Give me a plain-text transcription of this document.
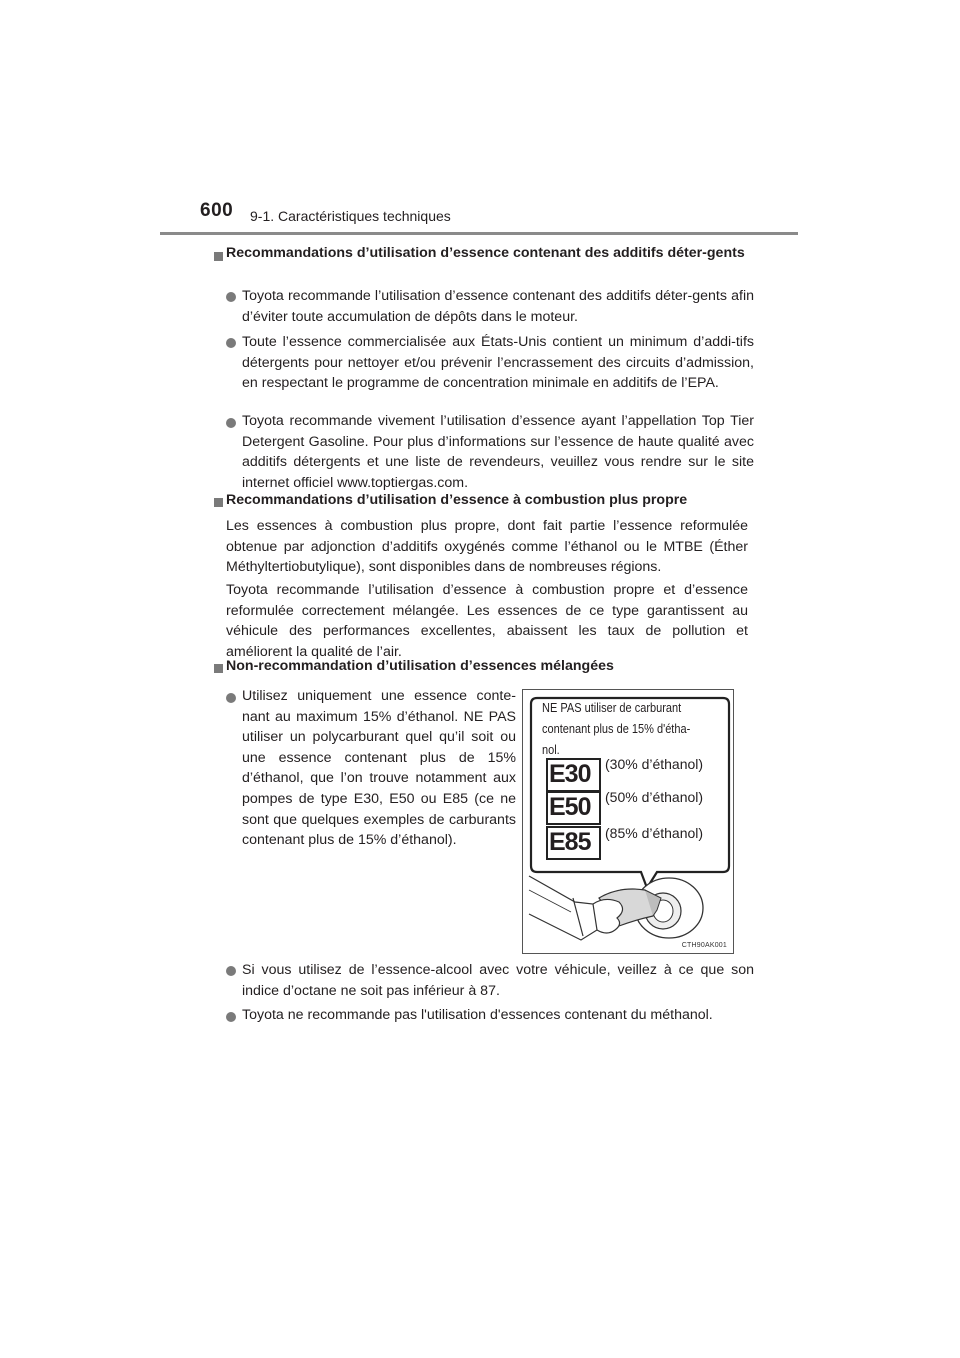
600 9-1. Caractéristiques techniques
Recommandations d’utilisation d’essence contenant des additifs déter-gents
Toyota recommande l’utilisation d’essence contenant des additifs déter-gents afin d’éviter toute accumulation de dépôts dans le moteur.
Toute l’essence commercialisée aux États-Unis contient un minimum d’addi-tifs détergents pour nettoyer et/ou prévenir l’encrassement des circuits d’admission, en respectant le programme de concentration minimale en additifs de l’EPA.
Toyota recommande vivement l’utilisation d’essence ayant l’appellation Top Tier Detergent Gasoline. Pour plus d’informations sur l’essence de haute qualité avec additifs détergents et une liste de revendeurs, veuillez vous rendre sur le site internet officiel www.toptiergas.com.
Recommandations d’utilisation d’essence à combustion plus propre
Les essences à combustion plus propre, dont fait partie l’essence reformulée obtenue par adjonction d’additifs oxygénés comme l’éthanol ou le MTBE (Éther Méthyltertiobutylique), sont disponibles dans de nombreuses régions.
Toyota recommande l’utilisation d’essence à combustion propre et d’essence reformulée correctement mélangée. Les essences de ce type garantissent au véhicule des performances excellentes, abaissent les taux de pollution et améliorent la qualité de l’air.
Non-recommandation d’utilisation d’essences mélangées
Utilisez uniquement une essence conte-nant au maximum 15% d’éthanol. NE PAS utiliser un polycarburant quel qu’il soit ou une essence contenant plus de 15% d’éthanol, que l’on trouve notamment aux pompes de type E30, E50 ou E85 (ce ne sont que quelques exemples de carburants contenant plus de 15% d’éthanol).
Si vous utilisez de l’essence-alcool avec votre véhicule, veillez à ce que son indice d’octane ne soit pas inférieur à 87.
Toyota ne recommande pas l'utilisation d'essences contenant du méthanol.
NE PAS utiliser de carburant contenant plus de 15% d'étha-nol.
E30 (30% d’éthanol)
E50 (50% d’éthanol)
E85 (85% d’éthanol)
CTH90AK001
